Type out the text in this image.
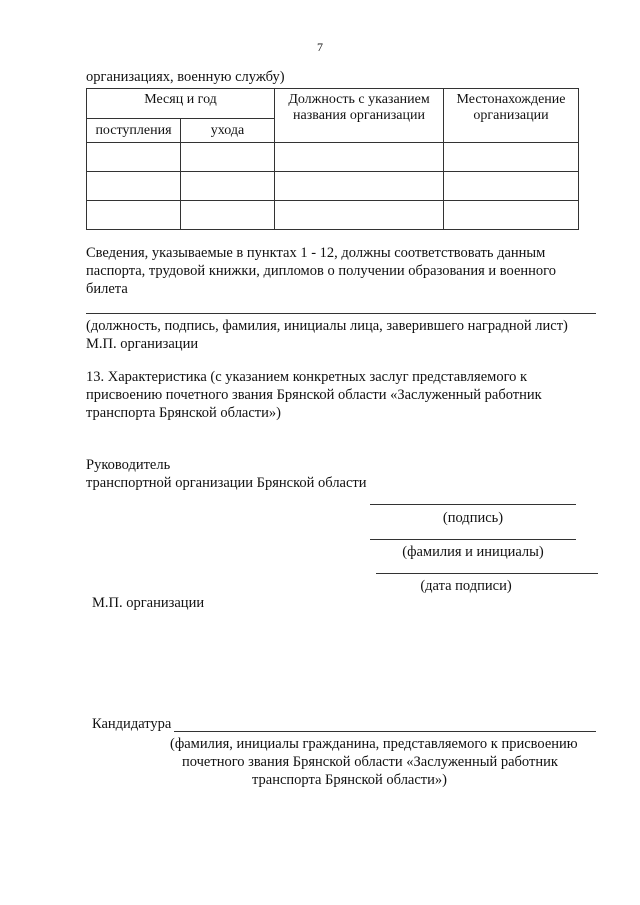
7
организациях, военную службу)
Месяц и год		Должность с указанием названия организации	Местонахождение организации
поступления	ухода		

Сведения, указываемые в пунктах 1 - 12, должны соответствовать данным
паспорта, трудовой книжки, дипломов о получении образования и военного
билета
(должность, подпись, фамилия, инициалы лица, заверившего наградной лист)
М.П. организации
13. Характеристика (с указанием конкретных заслуг представляемого к
присвоению почетного звания Брянской области «Заслуженный работник
транспорта Брянской области»)
Руководитель
транспортной организации Брянской области
(подпись)
(фамилия и инициалы)
(дата подписи)
М.П. организации
Кандидатура
(фамилия, инициалы гражданина, представляемого к присвоению
почетного звания Брянской области «Заслуженный работник
транспорта Брянской области»)
